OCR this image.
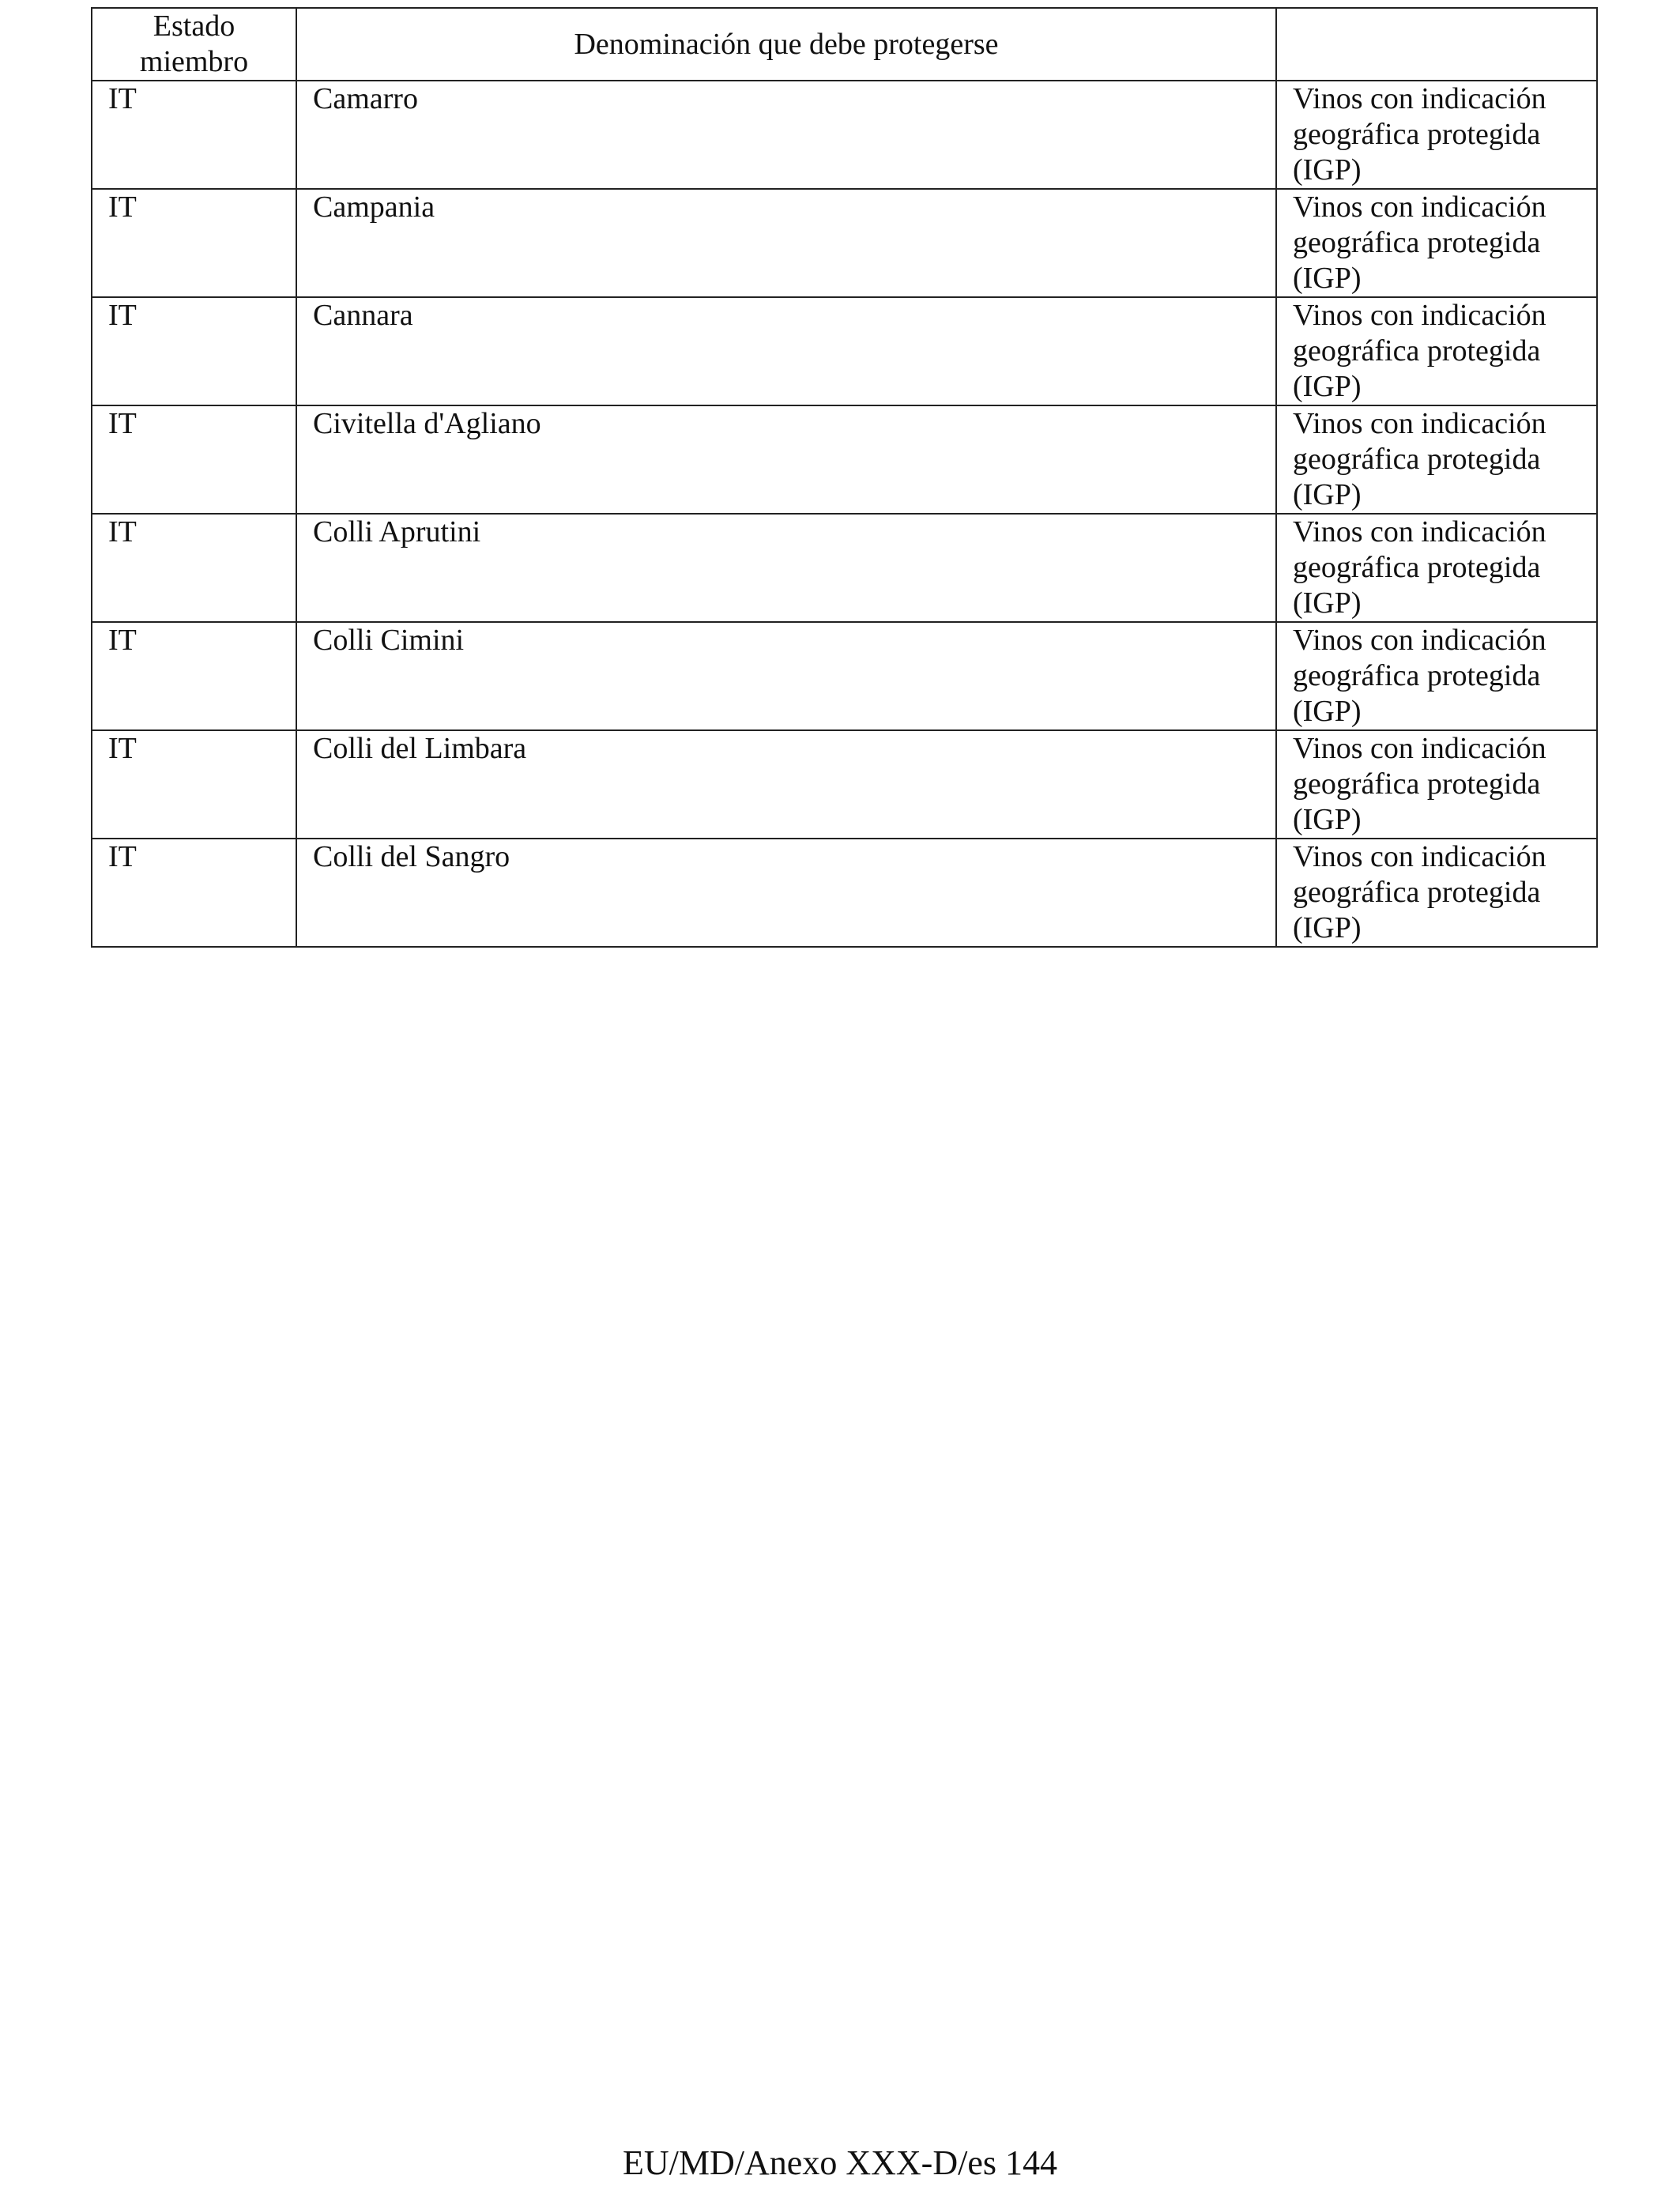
Estado miembro	Denominación que debe protegerse	
IT	Camarro	Vinos con indicación
geográfica protegida
(IGP)

IT	Campania	Vinos con indicación
geográfica protegida
(IGP)

IT	Cannara	Vinos con indicación
geográfica protegida
(IGP)

IT	Civitella d'Agliano	Vinos con indicación
geográfica protegida
(IGP)

IT	Colli Aprutini	Vinos con indicación
geográfica protegida
(IGP)

IT	Colli Cimini	Vinos con indicación
geográfica protegida
(IGP)

IT	Colli del Limbara	Vinos con indicación
geográfica protegida
(IGP)

IT	Colli del Sangro	Vinos con indicación
geográfica protegida
(IGP)
EU/MD/Anexo XXX-D/es 144
